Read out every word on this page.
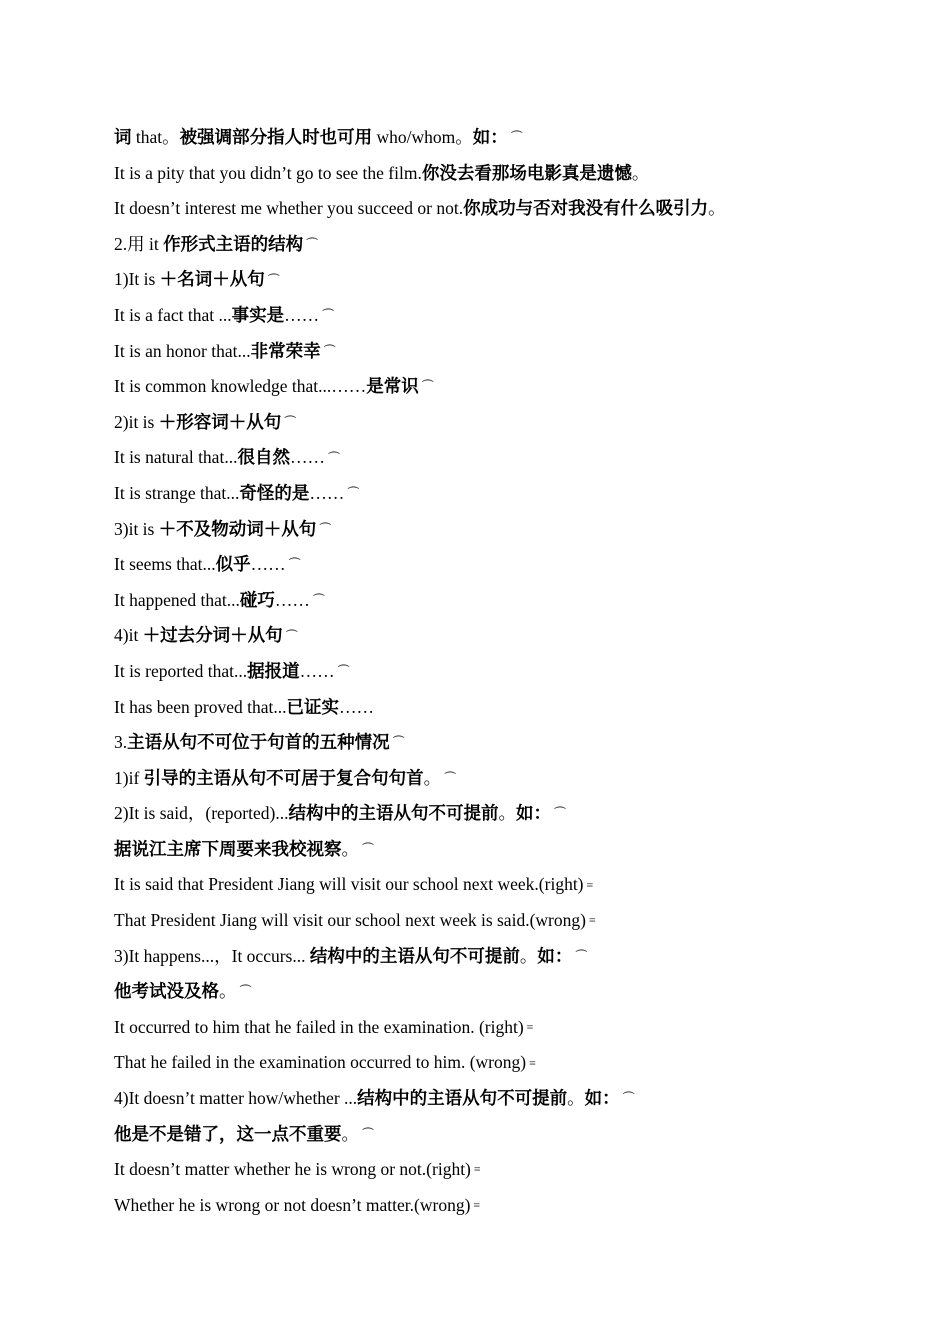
词 that。被强调部分指人时也可用 who/whom。如： ⏜
It is a pity that you didn’t go to see the film.你没去看那场电影真是遗憾。
It doesn’t interest me whether you succeed or not.你成功与否对我没有什么吸引力。
2.用 it 作形式主语的结构 ⏜
1)It is ＋名词＋从句 ⏜
It is a fact that ...事实是…… ⏜
It is an honor that...非常荣幸 ⏜
It is common knowledge that...……是常识 ⏜
2)it is ＋形容词＋从句 ⏜
It is natural that...很自然…… ⏜
It is strange that...奇怪的是…… ⏜
3)it is ＋不及物动词＋从句 ⏜
It seems that...似乎…… ⏜
It happened that...碰巧…… ⏜
4)it ＋过去分词＋从句 ⏜
It is reported that...据报道…… ⏜
It has been proved that...已证实……
3.主语从句不可位于句首的五种情况 ⏜
1)if 引导的主语从句不可居于复合句句首。 ⏜
2)It is said，(reported)...结构中的主语从句不可提前。如： ⏜
据说江主席下周要来我校视察。 ⏜
It is said that President Jiang will visit our school next week.(right) ≡
That President Jiang will visit our school next week is said.(wrong) ≡
3)It happens...，It occurs... 结构中的主语从句不可提前。如： ⏜
他考试没及格。 ⏜
It occurred to him that he failed in the examination. (right) ≡
That he failed in the examination occurred to him. (wrong) ≡
4)It doesn’t matter how/whether ...结构中的主语从句不可提前。如： ⏜
他是不是错了，这一点不重要。 ⏜
It doesn’t matter whether he is wrong or not.(right) ≡
Whether he is wrong or not doesn’t matter.(wrong) ≡
